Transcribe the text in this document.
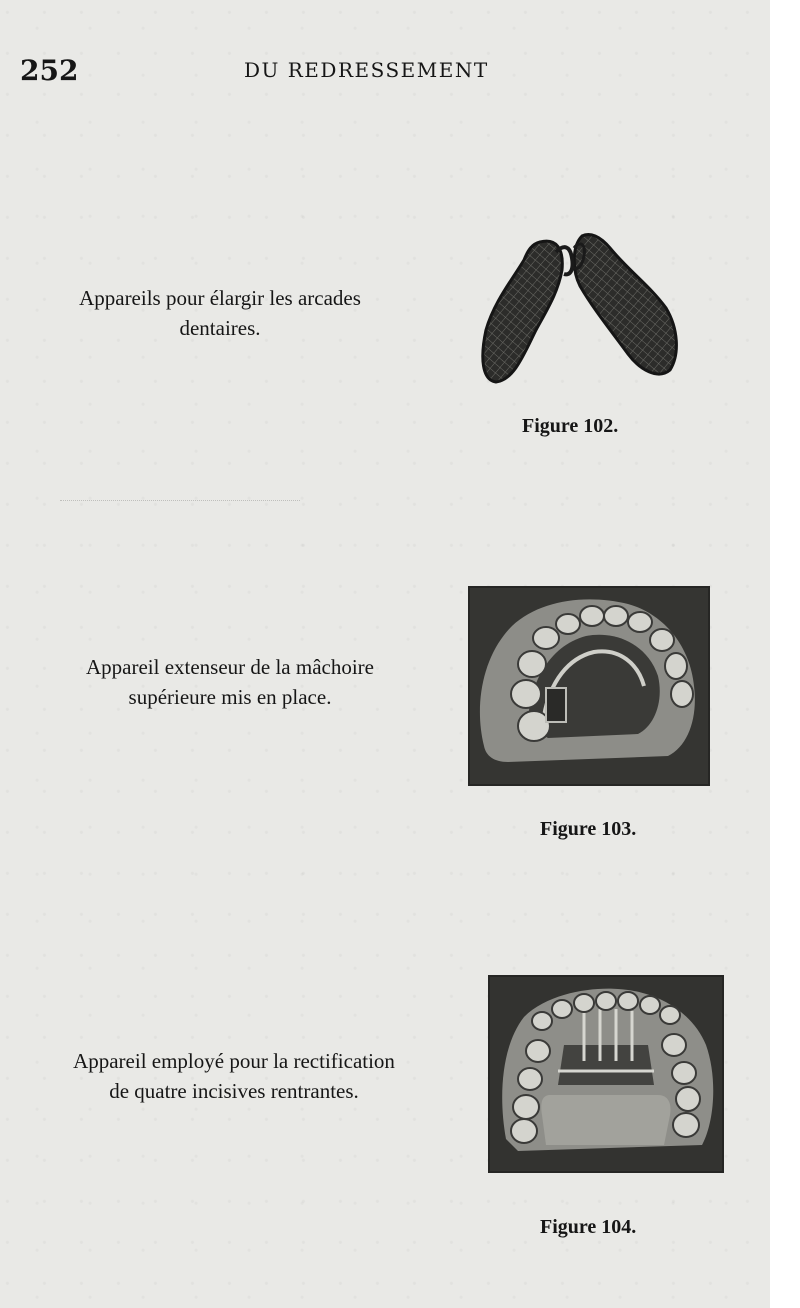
252	DU REDRESSEMENT
Appareils pour élargir les arcades
dentaires.
Figure 102.
Appareil extenseur de la mâchoire
supérieure mis en place.
Figure 103.
Appareil employé pour la rectification
de quatre incisives rentrantes.
Figure 104.
